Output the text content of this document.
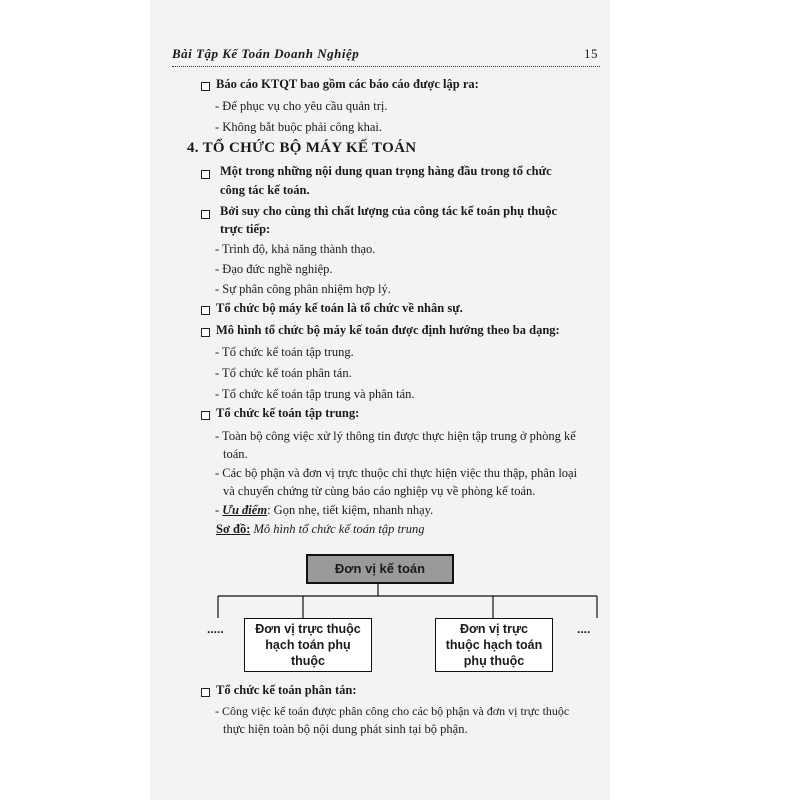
Bài Tập Kế Toán Doanh Nghiệp	15
Báo cáo KTQT bao gồm các báo cáo được lập ra:
- Để phục vụ cho yêu cầu quản trị.
- Không bắt buộc phải công khai.
4. TỔ CHỨC BỘ MÁY KẾ TOÁN
Một trong những nội dung quan trọng hàng đầu trong tổ chức
công tác kế toán.
Bởi suy cho cùng thì chất lượng của công tác kế toán phụ thuộc
trực tiếp:
- Trình độ, khả năng thành thạo.
- Đạo đức nghề nghiệp.
- Sự phân công phân nhiệm hợp lý.
Tổ chức bộ máy kế toán là tổ chức về nhân sự.
Mô hình tổ chức bộ máy kế toán được định hướng theo ba dạng:
- Tổ chức kế toán tập trung.
- Tổ chức kế toán phân tán.
- Tổ chức kế toán tập trung và phân tán.
Tổ chức kế toán tập trung:
- Toàn bộ công việc xử lý thông tin được thực hiện tập trung ở phòng kế
toán.
- Các bộ phận và đơn vị trực thuộc chỉ thực hiện việc thu thập, phân loại
và chuyển chứng từ cùng báo cáo nghiệp vụ về phòng kế toán.
- Ưu điểm: Gọn nhẹ, tiết kiệm, nhanh nhạy.
Sơ đồ: Mô hình tổ chức kế toán tập trung
Đơn vị kế toán
Đơn vị trực thuộc
hạch toán phụ
thuộc
Đơn vị trực
thuộc hạch toán
phụ thuộc
.....	....
Tổ chức kế toán phân tán:
- Công việc kế toán được phân công cho các bộ phận và đơn vị trực thuộc
thực hiện toàn bộ nội dung phát sinh tại bộ phận.
